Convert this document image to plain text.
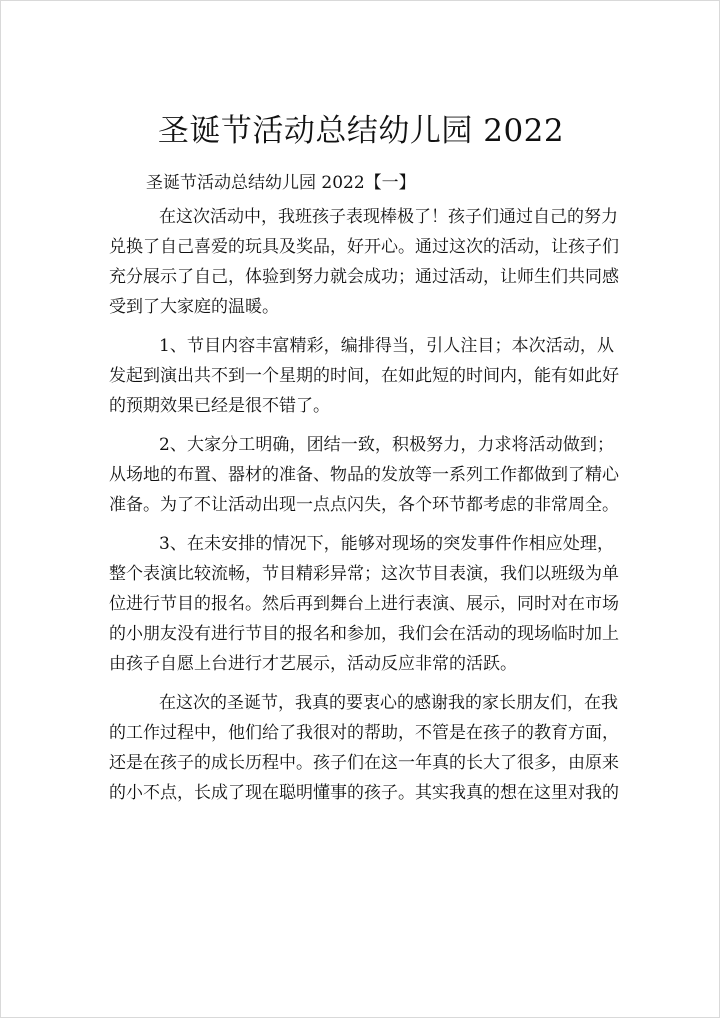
圣诞节活动总结幼儿园 2022
圣诞节活动总结幼儿园 2022【一】

在这次活动中，我班孩子表现棒极了！孩子们通过自己的努力
兑换了自己喜爱的玩具及奖品，好开心。通过这次的活动，让孩子们
充分展示了自己，体验到努力就会成功；通过活动，让师生们共同感
受到了大家庭的温暖。

1、节目内容丰富精彩，编排得当，引人注目；本次活动，从
发起到演出共不到一个星期的时间，在如此短的时间内，能有如此好
的预期效果已经是很不错了。

2、大家分工明确，团结一致，积极努力，力求将活动做到；
从场地的布置、器材的准备、物品的发放等一系列工作都做到了精心
准备。为了不让活动出现一点点闪失，各个环节都考虑的非常周全。

3、在未安排的情况下，能够对现场的突发事件作相应处理，
整个表演比较流畅，节目精彩异常；这次节目表演，我们以班级为单
位进行节目的报名。然后再到舞台上进行表演、展示，同时对在市场
的小朋友没有进行节目的报名和参加，我们会在活动的现场临时加上
由孩子自愿上台进行才艺展示，活动反应非常的活跃。

在这次的圣诞节，我真的要衷心的感谢我的家长朋友们，在我
的工作过程中，他们给了我很对的帮助，不管是在孩子的教育方面，
还是在孩子的成长历程中。孩子们在这一年真的长大了很多，由原来
的小不点，长成了现在聪明懂事的孩子。其实我真的想在这里对我的
